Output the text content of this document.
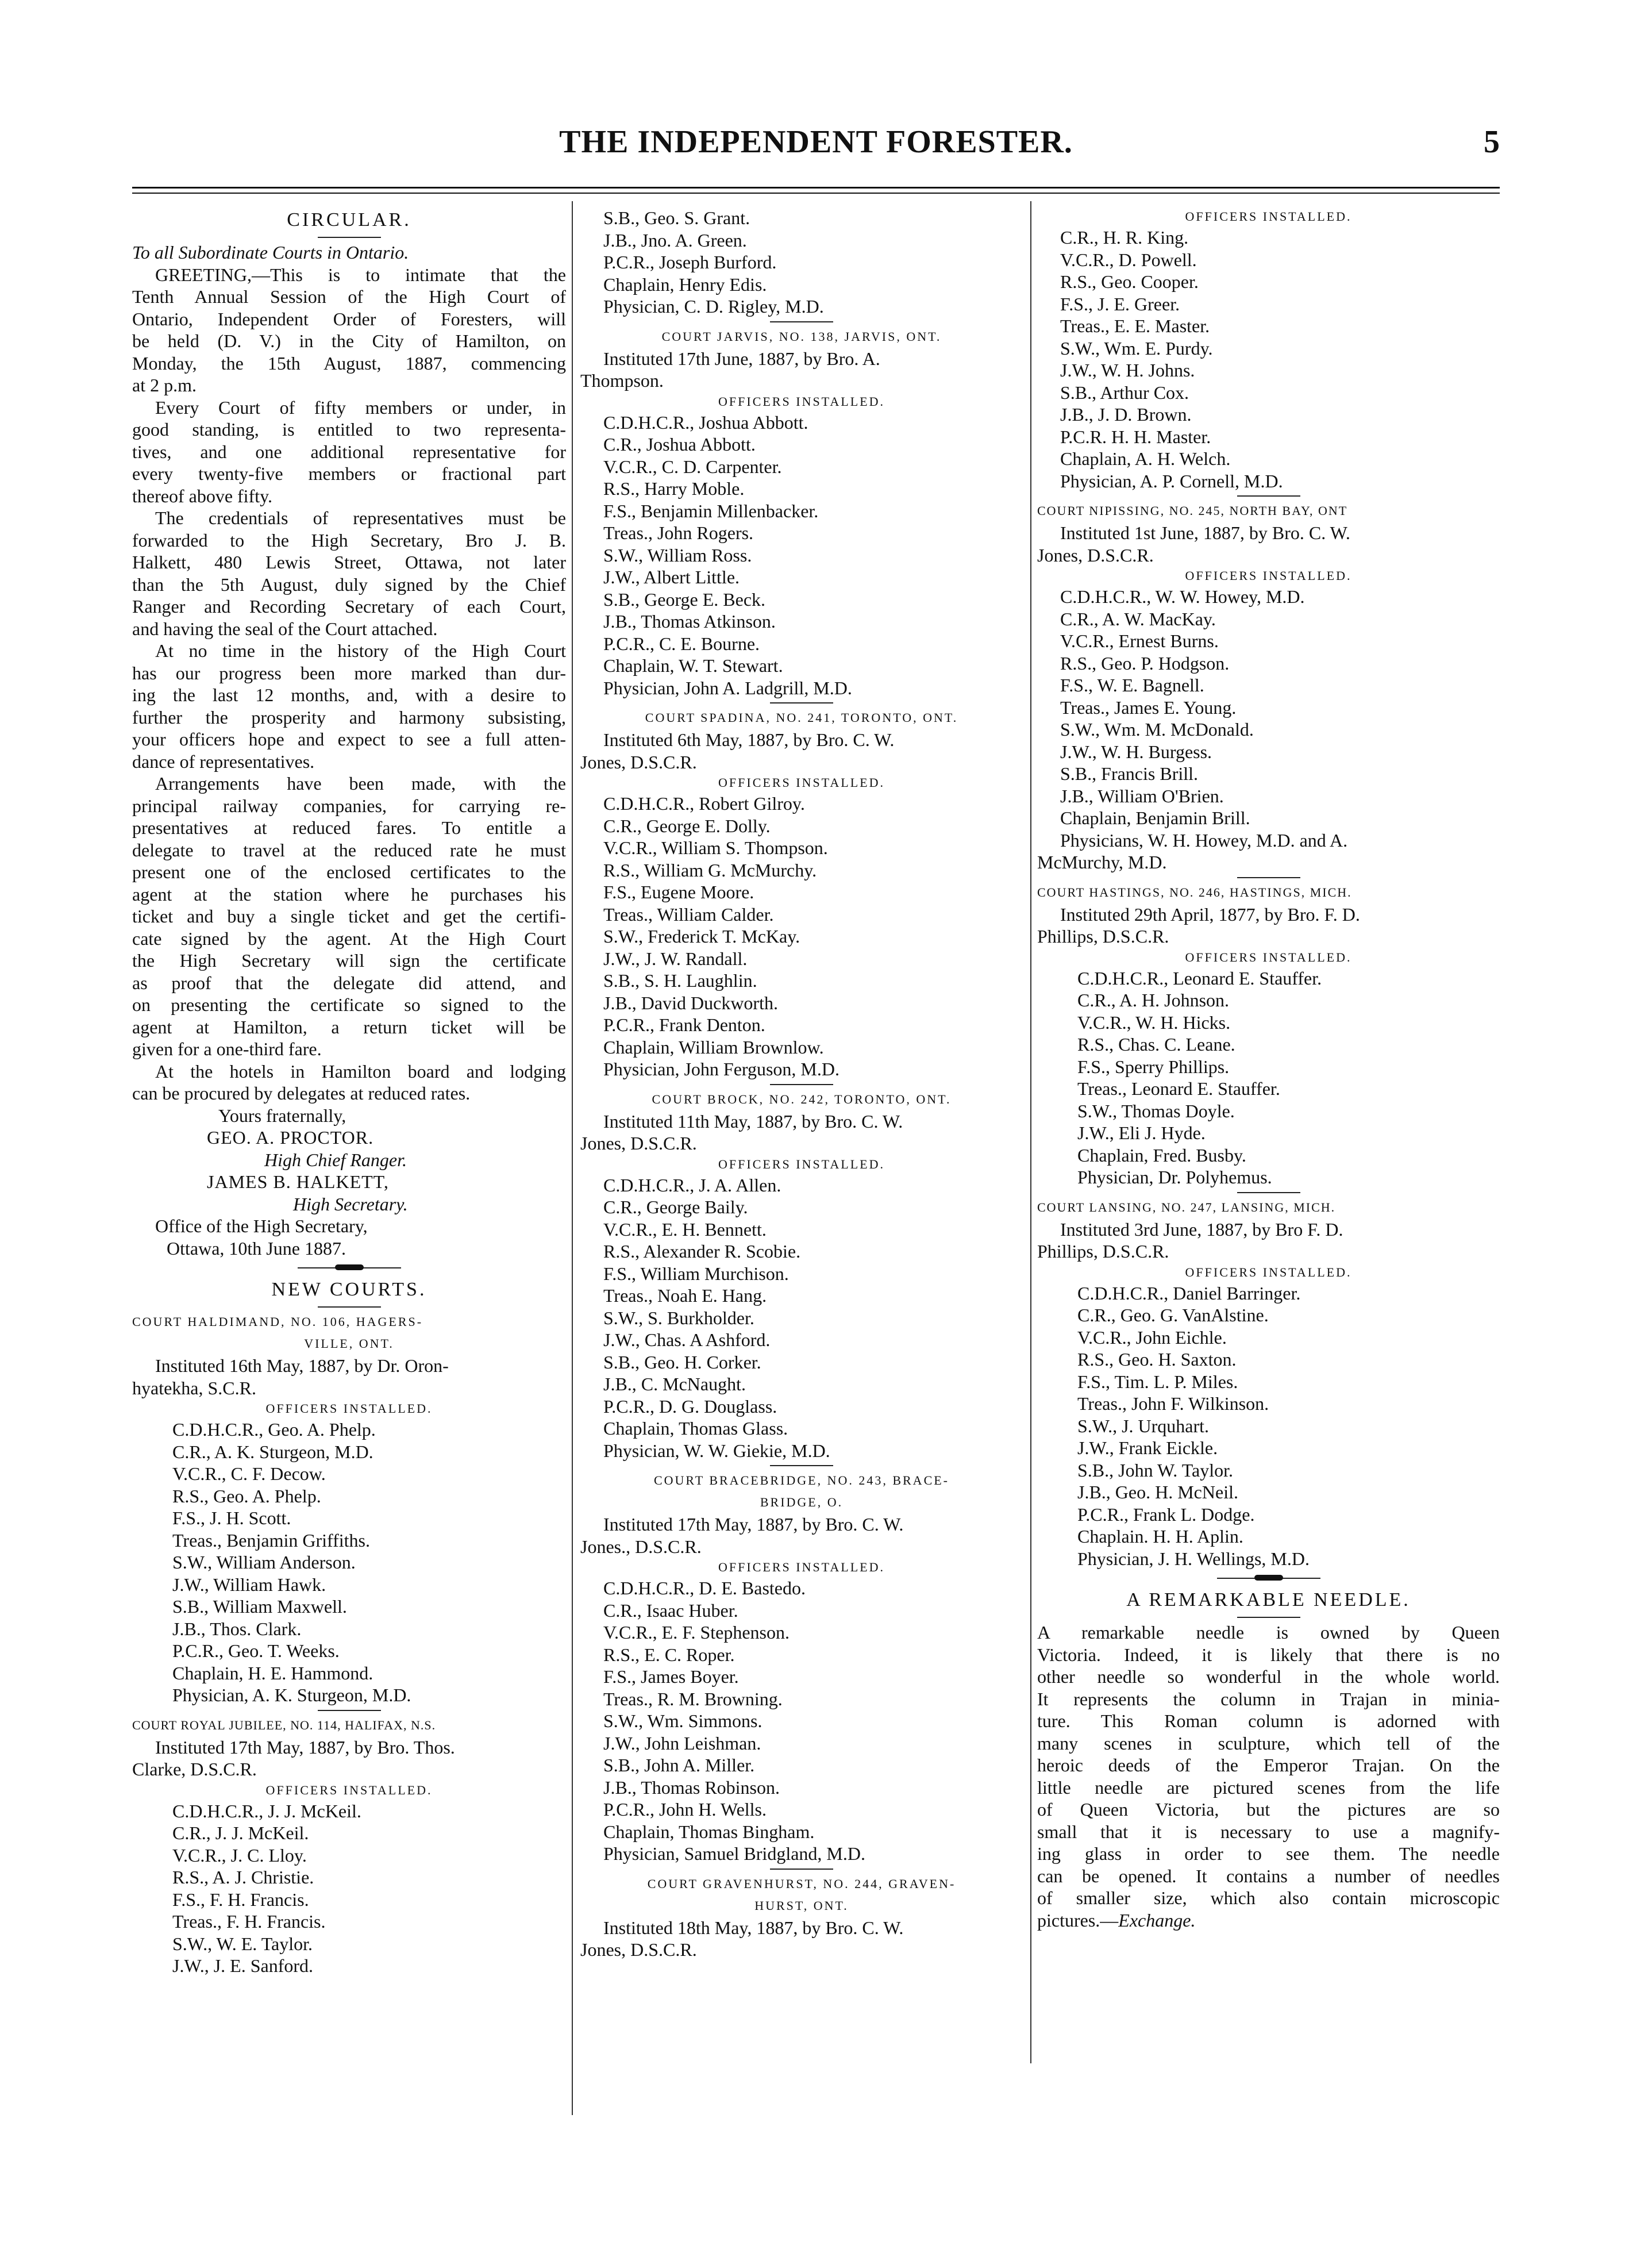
THE INDEPENDENT FORESTER.	5
CIRCULAR.
To all Subordinate Courts in Ontario.
GREETING,—This is to intimate that the
Tenth Annual Session of the High Court of
Ontario, Independent Order of Foresters, will
be held (D. V.) in the City of Hamilton, on
Monday, the 15th August, 1887, commencing
at 2 p.m.
Every Court of fifty members or under, in
good standing, is entitled to two representa-
tives, and one additional representative for
every twenty-five members or fractional part
thereof above fifty.
The credentials of representatives must be
forwarded to the High Secretary, Bro J. B.
Halkett, 480 Lewis Street, Ottawa, not later
than the 5th August, duly signed by the Chief
Ranger and Recording Secretary of each Court,
and having the seal of the Court attached.
At no time in the history of the High Court
has our progress been more marked than dur-
ing the last 12 months, and, with a desire to
further the prosperity and harmony subsisting,
your officers hope and expect to see a full atten-
dance of representatives.
Arrangements have been made, with the
principal railway companies, for carrying re-
presentatives at reduced fares. To entitle a
delegate to travel at the reduced rate he must
present one of the enclosed certificates to the
agent at the station where he purchases his
ticket and buy a single ticket and get the certifi-
cate signed by the agent. At the High Court
the High Secretary will sign the certificate
as proof that the delegate did attend, and
on presenting the certificate so signed to the
agent at Hamilton, a return ticket will be
given for a one-third fare.
At the hotels in Hamilton board and lodging
can be procured by delegates at reduced rates.
Yours fraternally,
GEO. A. PROCTOR.
High Chief Ranger.
JAMES B. HALKETT,
High Secretary.
Office of the High Secretary,
Ottawa, 10th June 1887.
NEW COURTS.
COURT HALDIMAND, NO. 106, HAGERS-
VILLE, ONT.
Instituted 16th May, 1887, by Dr. Oron-
hyatekha, S.C.R.
OFFICERS INSTALLED.
C.D.H.C.R., Geo. A. Phelp.
C.R., A. K. Sturgeon, M.D.
V.C.R., C. F. Decow.
R.S., Geo. A. Phelp.
F.S., J. H. Scott.
Treas., Benjamin Griffiths.
S.W., William Anderson.
J.W., William Hawk.
S.B., William Maxwell.
J.B., Thos. Clark.
P.C.R., Geo. T. Weeks.
Chaplain, H. E. Hammond.
Physician, A. K. Sturgeon, M.D.
COURT ROYAL JUBILEE, NO. 114, HALIFAX, N.S.
Instituted 17th May, 1887, by Bro. Thos.
Clarke, D.S.C.R.
OFFICERS INSTALLED.
C.D.H.C.R., J. J. McKeil.
C.R., J. J. McKeil.
V.C.R., J. C. Lloy.
R.S., A. J. Christie.
F.S., F. H. Francis.
Treas., F. H. Francis.
S.W., W. E. Taylor.
J.W., J. E. Sanford.
S.B., Geo. S. Grant.
J.B., Jno. A. Green.
P.C.R., Joseph Burford.
Chaplain, Henry Edis.
Physician, C. D. Rigley, M.D.
COURT JARVIS, NO. 138, JARVIS, ONT.
Instituted 17th June, 1887, by Bro. A.
Thompson.
OFFICERS INSTALLED.
C.D.H.C.R., Joshua Abbott.
C.R., Joshua Abbott.
V.C.R., C. D. Carpenter.
R.S., Harry Moble.
F.S., Benjamin Millenbacker.
Treas., John Rogers.
S.W., William Ross.
J.W., Albert Little.
S.B., George E. Beck.
J.B., Thomas Atkinson.
P.C.R., C. E. Bourne.
Chaplain, W. T. Stewart.
Physician, John A. Ladgrill, M.D.
COURT SPADINA, NO. 241, TORONTO, ONT.
Instituted 6th May, 1887, by Bro. C. W.
Jones, D.S.C.R.
OFFICERS INSTALLED.
C.D.H.C.R., Robert Gilroy.
C.R., George E. Dolly.
V.C.R., William S. Thompson.
R.S., William G. McMurchy.
F.S., Eugene Moore.
Treas., William Calder.
S.W., Frederick T. McKay.
J.W., J. W. Randall.
S.B., S. H. Laughlin.
J.B., David Duckworth.
P.C.R., Frank Denton.
Chaplain, William Brownlow.
Physician, John Ferguson, M.D.
COURT BROCK, NO. 242, TORONTO, ONT.
Instituted 11th May, 1887, by Bro. C. W.
Jones, D.S.C.R.
OFFICERS INSTALLED.
C.D.H.C.R., J. A. Allen.
C.R., George Baily.
V.C.R., E. H. Bennett.
R.S., Alexander R. Scobie.
F.S., William Murchison.
Treas., Noah E. Hang.
S.W., S. Burkholder.
J.W., Chas. A Ashford.
S.B., Geo. H. Corker.
J.B., C. McNaught.
P.C.R., D. G. Douglass.
Chaplain, Thomas Glass.
Physician, W. W. Giekie, M.D.
COURT BRACEBRIDGE, NO. 243, BRACE-
BRIDGE, O.
Instituted 17th May, 1887, by Bro. C. W.
Jones., D.S.C.R.
OFFICERS INSTALLED.
C.D.H.C.R., D. E. Bastedo.
C.R., Isaac Huber.
V.C.R., E. F. Stephenson.
R.S., E. C. Roper.
F.S., James Boyer.
Treas., R. M. Browning.
S.W., Wm. Simmons.
J.W., John Leishman.
S.B., John A. Miller.
J.B., Thomas Robinson.
P.C.R., John H. Wells.
Chaplain, Thomas Bingham.
Physician, Samuel Bridgland, M.D.
COURT GRAVENHURST, NO. 244, GRAVEN-
HURST, ONT.
Instituted 18th May, 1887, by Bro. C. W.
Jones, D.S.C.R.
OFFICERS INSTALLED.
C.R., H. R. King.
V.C.R., D. Powell.
R.S., Geo. Cooper.
F.S., J. E. Greer.
Treas., E. E. Master.
S.W., Wm. E. Purdy.
J.W., W. H. Johns.
S.B., Arthur Cox.
J.B., J. D. Brown.
P.C.R. H. H. Master.
Chaplain, A. H. Welch.
Physician, A. P. Cornell, M.D.
COURT NIPISSING, NO. 245, NORTH BAY, ONT
Instituted 1st June, 1887, by Bro. C. W.
Jones, D.S.C.R.
OFFICERS INSTALLED.
C.D.H.C.R., W. W. Howey, M.D.
C.R., A. W. MacKay.
V.C.R., Ernest Burns.
R.S., Geo. P. Hodgson.
F.S., W. E. Bagnell.
Treas., James E. Young.
S.W., Wm. M. McDonald.
J.W., W. H. Burgess.
S.B., Francis Brill.
J.B., William O'Brien.
Chaplain, Benjamin Brill.
Physicians, W. H. Howey, M.D. and A.
McMurchy, M.D.
COURT HASTINGS, NO. 246, HASTINGS, MICH.
Instituted 29th April, 1877, by Bro. F. D.
Phillips, D.S.C.R.
OFFICERS INSTALLED.
C.D.H.C.R., Leonard E. Stauffer.
C.R., A. H. Johnson.
V.C.R., W. H. Hicks.
R.S., Chas. C. Leane.
F.S., Sperry Phillips.
Treas., Leonard E. Stauffer.
S.W., Thomas Doyle.
J.W., Eli J. Hyde.
Chaplain, Fred. Busby.
Physician, Dr. Polyhemus.
COURT LANSING, NO. 247, LANSING, MICH.
Instituted 3rd June, 1887, by Bro F. D.
Phillips, D.S.C.R.
OFFICERS INSTALLED.
C.D.H.C.R., Daniel Barringer.
C.R., Geo. G. VanAlstine.
V.C.R., John Eichle.
R.S., Geo. H. Saxton.
F.S., Tim. L. P. Miles.
Treas., John F. Wilkinson.
S.W., J. Urquhart.
J.W., Frank Eickle.
S.B., John W. Taylor.
J.B., Geo. H. McNeil.
P.C.R., Frank L. Dodge.
Chaplain. H. H. Aplin.
Physician, J. H. Wellings, M.D.
A REMARKABLE NEEDLE.
A remarkable needle is owned by Queen
Victoria. Indeed, it is likely that there is no
other needle so wonderful in the whole world.
It represents the column in Trajan in minia-
ture. This Roman column is adorned with
many scenes in sculpture, which tell of the
heroic deeds of the Emperor Trajan. On the
little needle are pictured scenes from the life
of Queen Victoria, but the pictures are so
small that it is necessary to use a magnify-
ing glass in order to see them. The needle
can be opened. It contains a number of needles
of smaller size, which also contain microscopic
pictures.—Exchange.
